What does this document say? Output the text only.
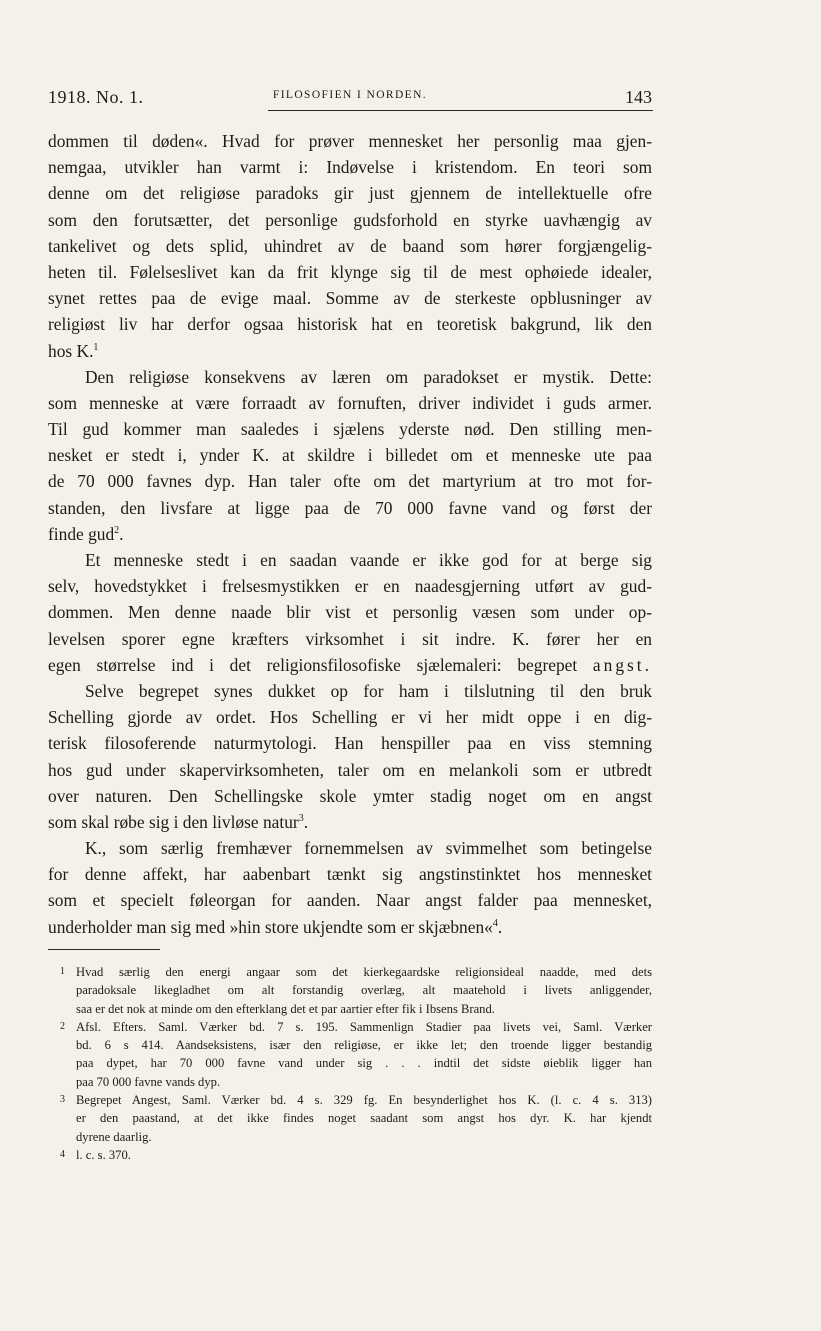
1918. No. 1.	FILOSOFIEN I NORDEN.	143
dommen til døden«. Hvad for prøver mennesket her personlig maa gjen-
nemgaa, utvikler han varmt i: Indøvelse i kristendom. En teori som
denne om det religiøse paradoks gir just gjennem de intellektuelle ofre
som den forutsætter, det personlige gudsforhold en styrke uavhængig av
tankelivet og dets splid, uhindret av de baand som hører forgjængelig-
heten til. Følelseslivet kan da frit klynge sig til de mest ophøiede idealer,
synet rettes paa de evige maal. Somme av de sterkeste opblusninger av
religiøst liv har derfor ogsaa historisk hat en teoretisk bakgrund, lik den
hos K.$^1$
Den religiøse konsekvens av læren om paradokset er mystik. Dette:
som menneske at være forraadt av fornuften, driver individet i guds armer.
Til gud kommer man saaledes i sjælens yderste nød. Den stilling men-
nesket er stedt i, ynder K. at skildre i billedet om et menneske ute paa
de 70 000 favnes dyp. Han taler ofte om det martyrium at tro mot for-
standen, den livsfare at ligge paa de 70 000 favne vand og først der
finde gud$^2$.
Et menneske stedt i en saadan vaande er ikke god for at berge sig
selv, hovedstykket i frelsesmystikken er en naadesgjerning utført av gud-
dommen. Men denne naade blir vist et personlig væsen som under op-
levelsen sporer egne kræfters virksomhet i sit indre. K. fører her en
egen størrelse ind i det religionsfilosofiske sjælemaleri: begrepet angst.
Selve begrepet synes dukket op for ham i tilslutning til den bruk
Schelling gjorde av ordet. Hos Schelling er vi her midt oppe i en dig-
terisk filosoferende naturmytologi. Han henspiller paa en viss stemning
hos gud under skapervirksomheten, taler om en melankoli som er utbredt
over naturen. Den Schellingske skole ymter stadig noget om en angst
som skal røbe sig i den livløse natur$^3$.
K., som særlig fremhæver fornemmelsen av svimmelhet som betingelse
for denne affekt, har aabenbart tænkt sig angstinstinktet hos mennesket
som et specielt føleorgan for aanden. Naar angst falder paa mennesket,
underholder man sig med »hin store ukjendte som er skjæbnen«$^4$.
1 Hvad særlig den energi angaar som det kierkegaardske religionsideal naadde, med dets
paradoksale likegladhet om alt forstandig overlæg, alt maatehold i livets anliggender,
saa er det nok at minde om den efterklang det et par aartier efter fik i Ibsens Brand.
2 Afsl. Efters. Saml. Værker bd. 7 s. 195. Sammenlign Stadier paa livets vei, Saml. Værker
bd. 6 s 414. Aandseksistens, især den religiøse, er ikke let; den troende ligger bestandig
paa dypet, har 70 000 favne vand under sig . . . indtil det sidste øieblik ligger han
paa 70 000 favne vands dyp.
3 Begrepet Angest, Saml. Værker bd. 4 s. 329 fg. En besynderlighet hos K. (l. c. 4 s. 313)
er den paastand, at det ikke findes noget saadant som angst hos dyr. K. har kjendt
dyrene daarlig.
4 l. c. s. 370.
